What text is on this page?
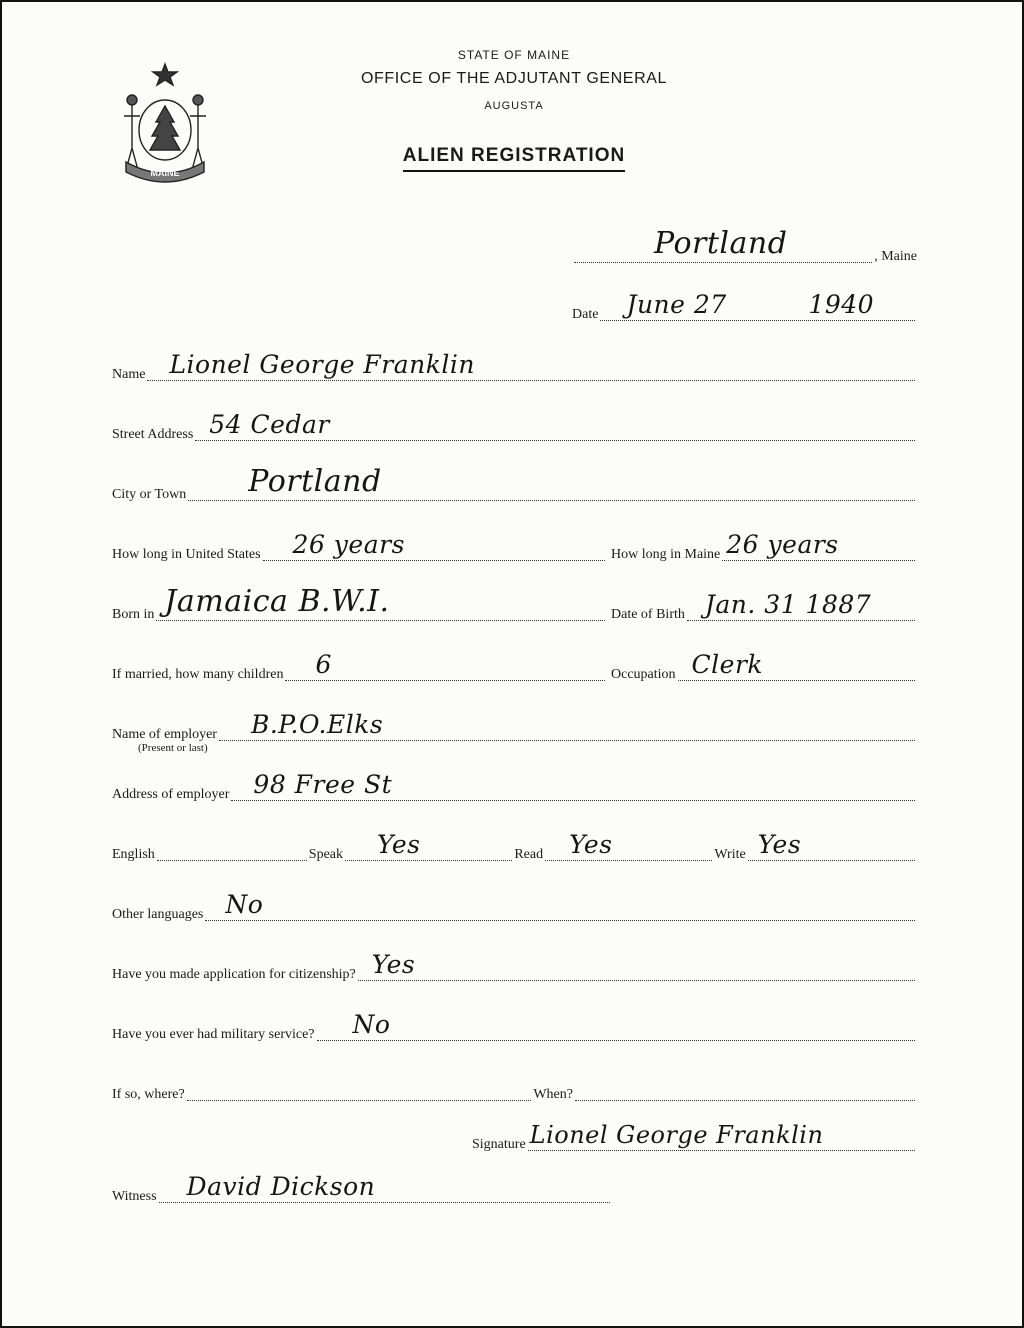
MAINE
STATE OF MAINE
OFFICE OF THE ADJUTANT GENERAL
AUGUSTA
ALIEN REGISTRATION
Portland	, Maine
Date June 27	1940
Name Lionel George Franklin
Street Address 54 Cedar
City or Town Portland
How long in United States 26 years	How long in Maine 26 years
Born in Jamaica B.W.I.	Date of Birth Jan. 31 1887
If married, how many children 6	Occupation Clerk
Name of employer B.P.O.Elks
(Present or last)
Address of employer 98 Free St
English	Speak Yes	Read Yes	Write Yes
Other languages No
Have you made application for citizenship? Yes
Have you ever had military service? No
If so, where?	When?
Signature Lionel George Franklin
Witness David Dickson
